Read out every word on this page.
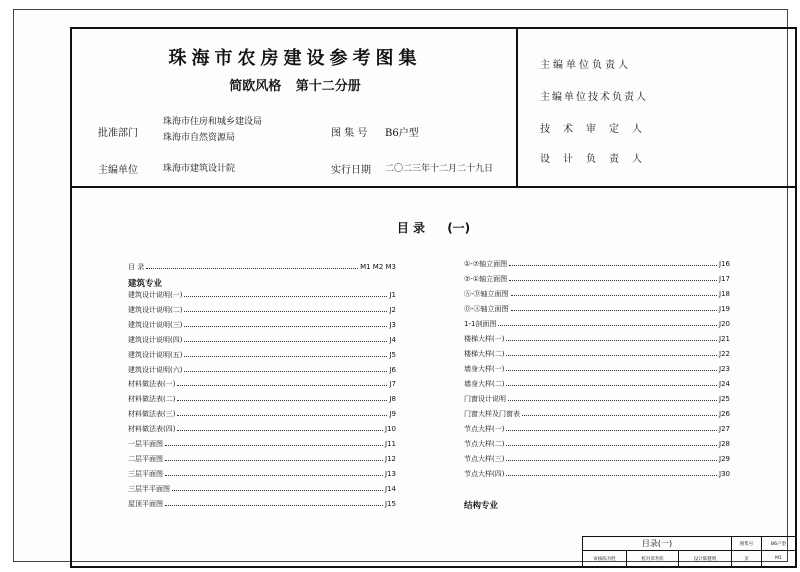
珠海市农房建设参考图集
简欧风格 第十二分册
批准部门
珠海市住房和城乡建设局
珠海市自然资源局	图 集 号 B6户型
主编单位	珠海市建筑设计院	实行日期 二〇二三年十二月二十九日
主编单位负责人
主编单位技术负责人
技术审定人
设计负责人
目 录 (一)
目 录	M1 M2 M3
建筑专业
建筑设计说明(一)	J1
建筑设计说明(二)	J2
建筑设计说明(三)	J3
建筑设计说明(四)	J4
建筑设计说明(五)	J5
建筑设计说明(六)	J6
材料做法表(一)	J7
材料做法表(二)	J8
材料做法表(三)	J9
材料做法表(四)	J10
一层平面图	J11
二层平面图	J12
三层平面图	J13
三层半平面图	J14
屋顶平面图	J15
①-⑦轴立面图	J16
⑦-①轴立面图	J17
Ⓐ-Ⓓ轴立面图	J18
Ⓓ-Ⓐ轴立面图	J19
1-1剖面图	J20
楼梯大样(一)	J21
楼梯大样(二)	J22
墙身大样(一)	J23
墙身大样(二)	J24
门窗设计说明	J25
门窗大样及门窗表	J26
节点大样(一)	J27
节点大样(二)	J28
节点大样(三)	J29
节点大样(四)	J30
结构专业
目录(一)	图集号	B6户型
审核陈为胜	校对邓寿彰	设计陈健明	页	M1
